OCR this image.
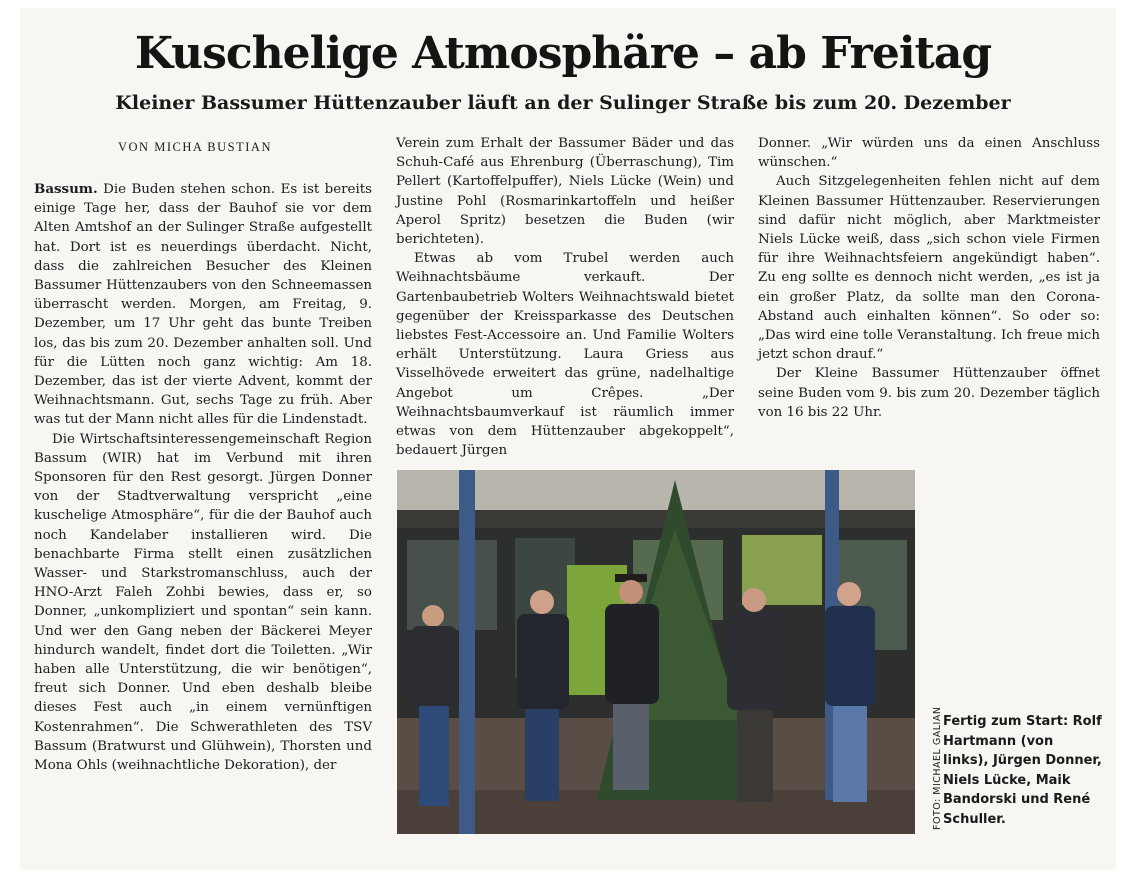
Kuschelige Atmosphäre – ab Freitag
Kleiner Bassumer Hüttenzauber läuft an der Sulinger Straße bis zum 20. Dezember
VON MICHA BUSTIAN

Bassum. Die Buden stehen schon. Es ist bereits einige Tage her, dass der Bauhof sie vor dem Alten Amtshof an der Sulinger Straße aufgestellt hat. Dort ist es neuerdings überdacht. Nicht, dass die zahlreichen Besucher des Kleinen Bassumer Hüttenzaubers von den Schneemassen überrascht werden. Morgen, am Freitag, 9. Dezember, um 17 Uhr geht das bunte Treiben los, das bis zum 20. Dezember anhalten soll. Und für die Lütten noch ganz wichtig: Am 18. Dezember, das ist der vierte Advent, kommt der Weihnachtsmann. Gut, sechs Tage zu früh. Aber was tut der Mann nicht alles für die Lindenstadt.

Die Wirtschaftsinteressengemeinschaft Region Bassum (WIR) hat im Verbund mit ihren Sponsoren für den Rest gesorgt. Jürgen Donner von der Stadtverwaltung verspricht „eine kuschelige Atmosphäre“, für die der Bauhof auch noch Kandelaber installieren wird. Die benachbarte Firma stellt einen zusätzlichen Wasser- und Starkstromanschluss, auch der HNO-Arzt Faleh Zohbi bewies, dass er, so Donner, „unkompliziert und spontan“ sein kann. Und wer den Gang neben der Bäckerei Meyer hindurch wandelt, findet dort die Toiletten. „Wir haben alle Unterstützung, die wir benötigen“, freut sich Donner. Und eben deshalb bleibe dieses Fest auch „in einem vernünftigen Kostenrahmen“. Die Schwerathleten des TSV Bassum (Bratwurst und Glühwein), Thorsten und Mona Ohls (weihnachtliche Dekoration), der

Verein zum Erhalt der Bassumer Bäder und das Schuh-Café aus Ehrenburg (Überraschung), Tim Pellert (Kartoffelpuffer), Niels Lücke (Wein) und Justine Pohl (Rosmarinkartoffeln und heißer Aperol Spritz) besetzen die Buden (wir berichteten).

Etwas ab vom Trubel werden auch Weihnachtsbäume verkauft. Der Gartenbaubetrieb Wolters Weihnachtswald bietet gegenüber der Kreissparkasse des Deutschen liebstes Fest-Accessoire an. Und Familie Wolters erhält Unterstützung. Laura Griess aus Visselhövede erweitert das grüne, nadelhaltige Angebot um Crêpes. „Der Weihnachtsbaumverkauf ist räumlich immer etwas von dem Hüttenzauber abgekoppelt“, bedauert Jürgen

Donner. „Wir würden uns da einen Anschluss wünschen.“

Auch Sitzgelegenheiten fehlen nicht auf dem Kleinen Bassumer Hüttenzauber. Reservierungen sind dafür nicht möglich, aber Marktmeister Niels Lücke weiß, dass „sich schon viele Firmen für ihre Weihnachtsfeiern angekündigt haben“. Zu eng sollte es dennoch nicht werden, „es ist ja ein großer Platz, da sollte man den Corona-Abstand auch einhalten können“. So oder so: „Das wird eine tolle Veranstaltung. Ich freue mich jetzt schon drauf.“

Der Kleine Bassumer Hüttenzauber öffnet seine Buden vom 9. bis zum 20. Dezember täglich von 16 bis 22 Uhr.

FOTO: MICHAEL GALIAN Fertig zum Start: Rolf Hartmann (von links), Jürgen Donner, Niels Lücke, Maik Bandorski und René Schuller.
